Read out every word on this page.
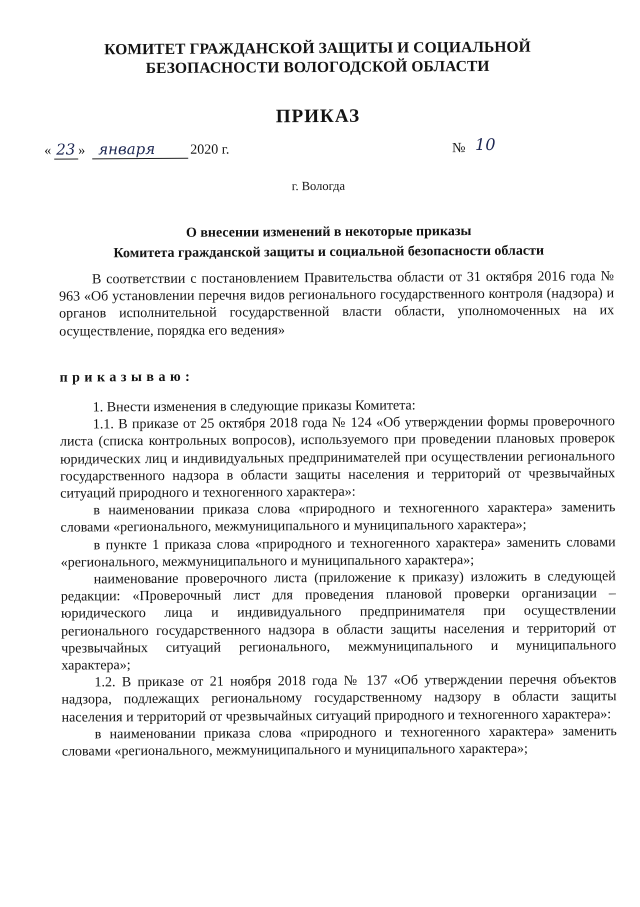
КОМИТЕТ ГРАЖДАНСКОЙ ЗАЩИТЫ И СОЦИАЛЬНОЙ
БЕЗОПАСНОСТИ ВОЛОГОДСКОЙ ОБЛАСТИ
ПРИКАЗ
« 23 » января 2020 г.	№ 10
г. Вологда
О внесении изменений в некоторые приказы
Комитета гражданской защиты и социальной безопасности области

В соответствии с постановлением Правительства области от 31 октября 2016 года № 963 «Об установлении перечня видов регионального государственного контроля (надзора) и органов исполнительной государственной власти области, уполномоченных на их осуществление, порядка его ведения»

приказываю:

1. Внести изменения в следующие приказы Комитета:

1.1. В приказе от 25 октября 2018 года № 124 «Об утверждении формы проверочного листа (списка контрольных вопросов), используемого при проведении плановых проверок юридических лиц и индивидуальных предпринимателей при осуществлении регионального государственного надзора в области защиты населения и территорий от чрезвычайных ситуаций природного и техногенного характера»:

в наименовании приказа слова «природного и техногенного характера» заменить словами «регионального, межмуниципального и муниципального характера»;

в пункте 1 приказа слова «природного и техногенного характера» заменить словами «регионального, межмуниципального и муниципального характера»;

наименование проверочного листа (приложение к приказу) изложить в следующей редакции: «Проверочный лист для проведения плановой проверки организации – юридического лица и индивидуального предпринимателя при осуществлении регионального государственного надзора в области защиты населения и территорий от чрезвычайных ситуаций регионального, межмуниципального и муниципального характера»;

1.2. В приказе от 21 ноября 2018 года № 137 «Об утверждении перечня объектов надзора, подлежащих региональному государственному надзору в области защиты населения и территорий от чрезвычайных ситуаций природного и техногенного характера»:

в наименовании приказа слова «природного и техногенного характера» заменить словами «регионального, межмуниципального и муниципального характера»;
